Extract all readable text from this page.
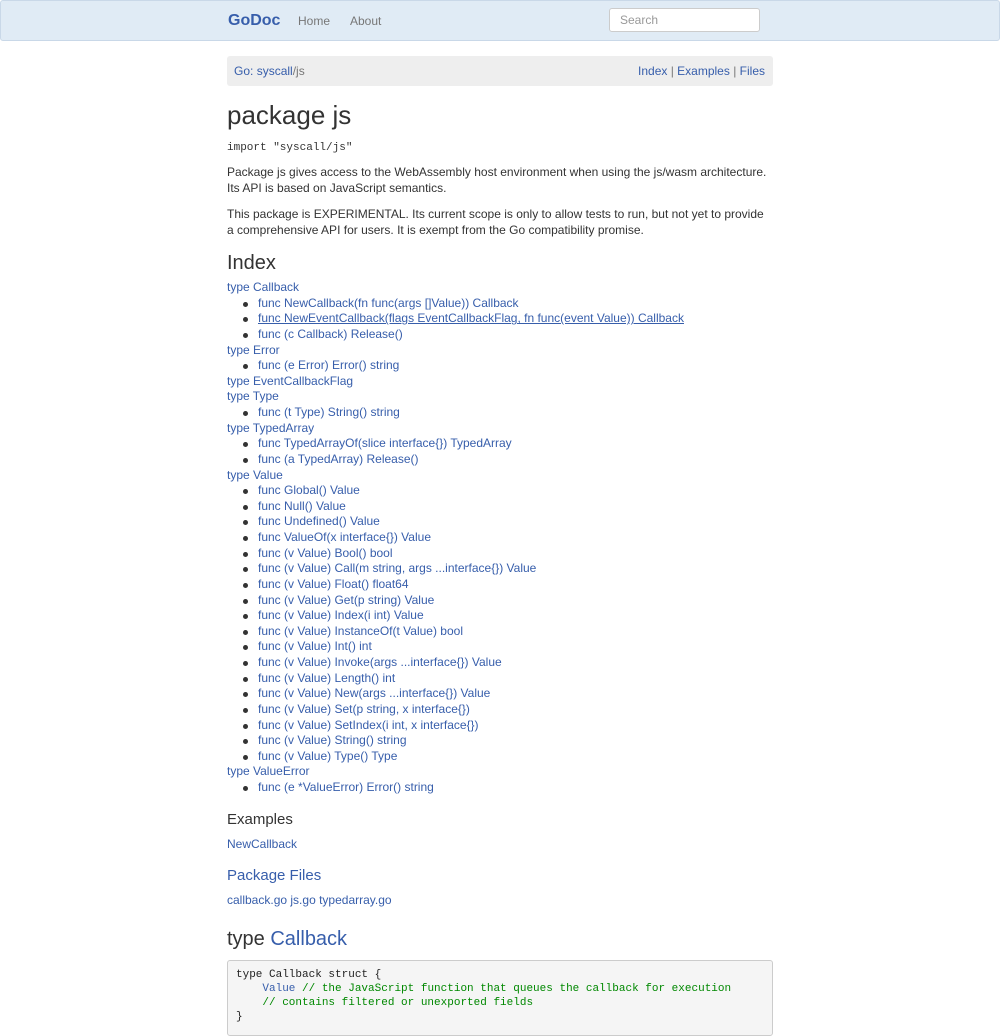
GoDoc Home About
Search
Go: syscall/js	Index | Examples | Files
package js
import "syscall/js"

Package js gives access to the WebAssembly host environment when using the js/wasm architecture. Its API is based on JavaScript semantics.

This package is EXPERIMENTAL. Its current scope is only to allow tests to run, but not yet to provide a comprehensive API for users. It is exempt from the Go compatibility promise.

Index
type Callback
func NewCallback(fn func(args []Value)) Callback
func NewEventCallback(flags EventCallbackFlag, fn func(event Value)) Callback
func (c Callback) Release()
type Error
func (e Error) Error() string
type EventCallbackFlag
type Type
func (t Type) String() string
type TypedArray
func TypedArrayOf(slice interface{}) TypedArray
func (a TypedArray) Release()
type Value
func Global() Value
func Null() Value
func Undefined() Value
func ValueOf(x interface{}) Value
func (v Value) Bool() bool
func (v Value) Call(m string, args ...interface{}) Value
func (v Value) Float() float64
func (v Value) Get(p string) Value
func (v Value) Index(i int) Value
func (v Value) InstanceOf(t Value) bool
func (v Value) Int() int
func (v Value) Invoke(args ...interface{}) Value
func (v Value) Length() int
func (v Value) New(args ...interface{}) Value
func (v Value) Set(p string, x interface{})
func (v Value) SetIndex(i int, x interface{})
func (v Value) String() string
func (v Value) Type() Type
type ValueError
func (e *ValueError) Error() string
Examples
NewCallback
Package Files
callback.go js.go typedarray.go
type Callback
type Callback struct {
Value // the JavaScript function that queues the callback for execution
// contains filtered or unexported fields
}
